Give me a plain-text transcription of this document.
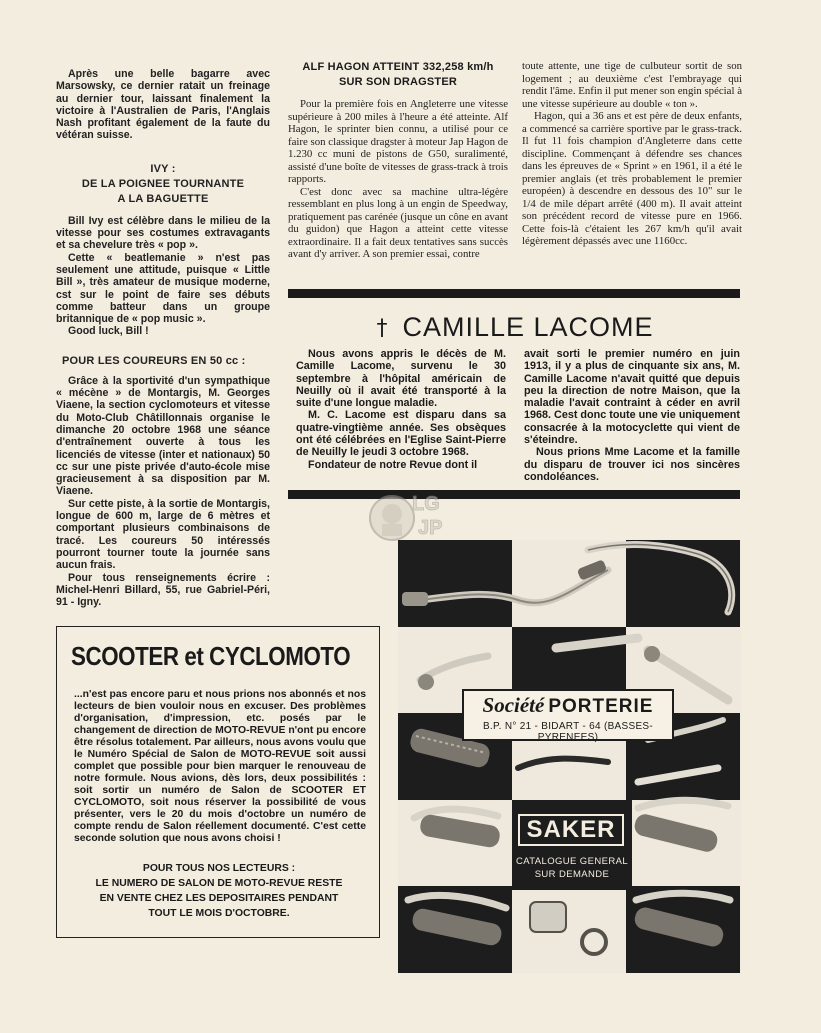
Après une belle bagarre avec Marsowsky, ce dernier ratait un freinage au dernier tour, laissant finalement la victoire à l'Australien de Paris, l'Anglais Nash profitant également de la faute du vétéran suisse.

IVY :
DE LA POIGNEE TOURNANTE
A LA BAGUETTE

Bill Ivy est célèbre dans le milieu de la vitesse pour ses costumes extravagants et sa chevelure très « pop ».

Cette « beatlemanie » n'est pas seulement une attitude, puisque « Little Bill », très amateur de musique moderne, cst sur le point de faire ses débuts comme batteur dans un groupe britannique de « pop music ».

Good luck, Bill !

POUR LES COUREURS EN 50 cc :

Grâce à la sportivité d'un sympathique « mécène » de Montargis, M. Georges Viaene, la section cyclomoteurs et vitesse du Moto-Club Châtillonnais organise le dimanche 20 octobre 1968 une séance d'entraînement ouverte à tous les licenciés de vitesse (inter et nationaux) 50 cc sur une piste privée d'auto-école mise gracieusement à sa disposition par M. Viaene.

Sur cette piste, à la sortie de Montargis, longue de 600 m, large de 6 mètres et comportant plusieurs combinaisons de tracé. Les coureurs 50 intéressés pourront tourner toute la journée sans aucun frais.

Pour tous renseignements écrire : Michel-Henri Billard, 55, rue Gabriel-Péri, 91 - Igny.

ALF HAGON ATTEINT 332,258 km/h
SUR SON DRAGSTER

Pour la première fois en Angleterre une vitesse supérieure à 200 miles à l'heure a été atteinte. Alf Hagon, le sprinter bien connu, a utilisé pour ce faire son classique dragster à moteur Jap Hagon de 1.230 cc muni de pistons de G50, suralimenté, assisté d'une boîte de vitesses de grass-track à trois rapports.

C'est donc avec sa machine ultra-légère ressemblant en plus long à un engin de Speedway, pratiquement pas carénée (jusque un cône en avant du guidon) que Hagon a atteint cette vitesse extraordinaire. Il a fait deux tentatives sans succès avant d'y arriver. A son premier essai, contre

toute attente, une tige de culbuteur sortit de son logement ; au deuxième c'est l'embrayage qui rendit l'âme. Enfin il put mener son engin spécial à une vitesse supérieure au double « ton ».

Hagon, qui a 36 ans et est père de deux enfants, a commencé sa carrière sportive par le grass-track. Il fut 11 fois champion d'Angleterre dans cette discipline. Commençant à défendre ses chances dans les épreuves de « Sprint » en 1961, il a été le premier anglais (et très probablement le premier européen) à descendre en dessous des 10" sur le 1/4 de mile départ arrêté (400 m). Il avait atteint son précédent record de vitesse pure en 1966. Cette fois-là c'étaient les 267 km/h qu'il avait légèrement dépassés avec une 1160cc.

† CAMILLE LACOME

Nous avons appris le décès de M. Camille Lacome, survenu le 30 septembre à l'hôpital américain de Neuilly où il avait été transporté à la suite d'une longue maladie.

M. C. Lacome est disparu dans sa quatre-vingtième année. Ses obsèques ont été célébrées en l'Eglise Saint-Pierre de Neuilly le jeudi 3 octobre 1968.

Fondateur de notre Revue dont il

avait sorti le premier numéro en juin 1913, il y a plus de cinquante six ans, M. Camille Lacome n'avait quitté que depuis peu la direction de notre Maison, que la maladie l'avait contraint à céder en avril 1968. Cest donc toute une vie uniquement consacrée à la motocyclette qui vient de s'éteindre.

Nous prions Mme Lacome et la famille du disparu de trouver ici nos sincères condoléances.

LG
JP
SCOOTER et CYCLOMOTO
...n'est pas encore paru et nous prions nos abonnés et nos lecteurs de bien vouloir nous en excuser. Des problèmes d'organisation, d'impression, etc. posés par le changement de direction de MOTO-REVUE n'ont pu encore être résolus totalement. Par ailleurs, nous avons voulu que le Numéro Spécial de Salon de MOTO-REVUE soit aussi complet que possible pour bien marquer le renouveau de notre formule. Nous avions, dès lors, deux possibilités : soit sortir un numéro de Salon de SCOOTER ET CYCLOMOTO, soit nous réserver la possibilité de vous présenter, vers le 20 du mois d'octobre un numéro de compte rendu de Salon réellement documenté. C'est cette seconde solution que nous avons choisi !
POUR TOUS NOS LECTEURS :
LE NUMERO DE SALON DE MOTO-REVUE RESTE
EN VENTE CHEZ LES DEPOSITAIRES PENDANT
TOUT LE MOIS D'OCTOBRE.
Société PORTERIE
B.P. N° 21 - BIDART - 64 (BASSES-PYRENEES)
SAKER
CATALOGUE GENERAL
SUR DEMANDE
